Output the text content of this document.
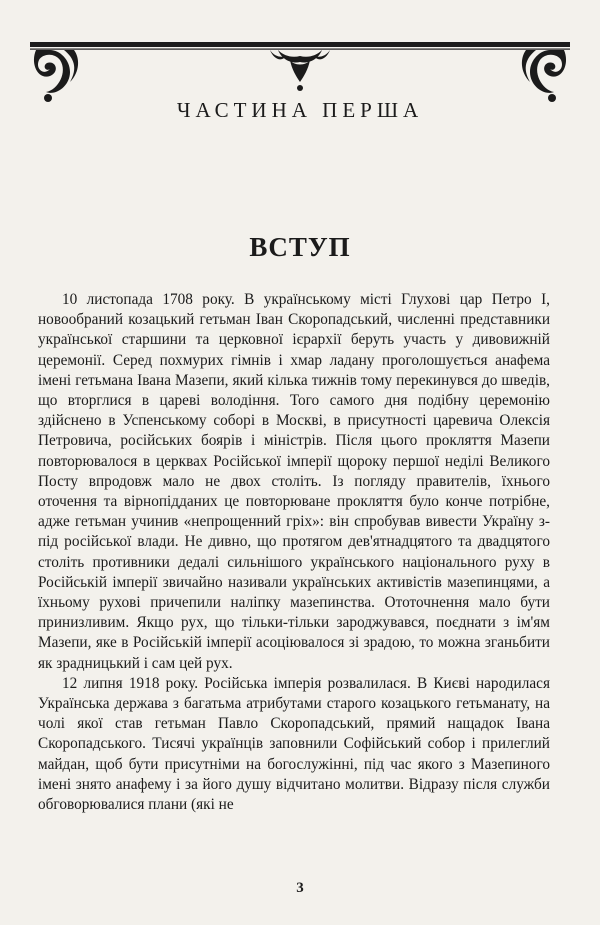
ЧАСТИНА ПЕРША
ВСТУП

10 листопада 1708 року. В українському місті Глухові цар Петро І, новообраний козацький гетьман Іван Скоропадський, численні представники української старшини та церковної ієрархії беруть участь у дивовижній церемонії. Серед похмурих гімнів і хмар ладану проголошується анафема імені гетьмана Івана Мазепи, який кілька тижнів тому перекинувся до шведів, що вторглися в цареві володіння. Того самого дня подібну церемонію здійснено в Успенському соборі в Москві, в присутності царевича Олексія Петровича, російських боярів і міністрів. Після цього прокляття Мазепи повторювалося в церквах Російської імперії щороку першої неділі Великого Посту впродовж мало не двох століть. Із погляду правителів, їхнього оточення та вірнопідданих це повторюване прокляття було конче потрібне, адже гетьман учинив «непрощенний гріх»: він спробував вивести Україну з-під російської влади. Не дивно, що протягом дев'ятнадцятого та двадцятого століть противники дедалі сильнішого українського національного руху в Російській імперії звичайно називали українських активістів мазепинцями, а їхньому рухові причепили наліпку мазепинства. Ототочнення мало бути принизливим. Якщо рух, що тільки-тільки зароджувався, поєднати з ім'ям Мазепи, яке в Російській імперії асоціювалося зі зрадою, то можна зганьбити як зрадницький і сам цей рух.

12 липня 1918 року. Російська імперія розвалилася. В Києві народилася Українська держава з багатьма атрибутами старого козацького гетьманату, на чолі якої став гетьман Павло Скоропадський, прямий нащадок Івана Скоропадського. Тисячі українців заповнили Софійський собор і прилеглий майдан, щоб бути присутніми на богослужінні, під час якого з Мазепиного імені знято анафему і за його душу відчитано молитви. Відразу після служби обговорювалися плани (які не

3
